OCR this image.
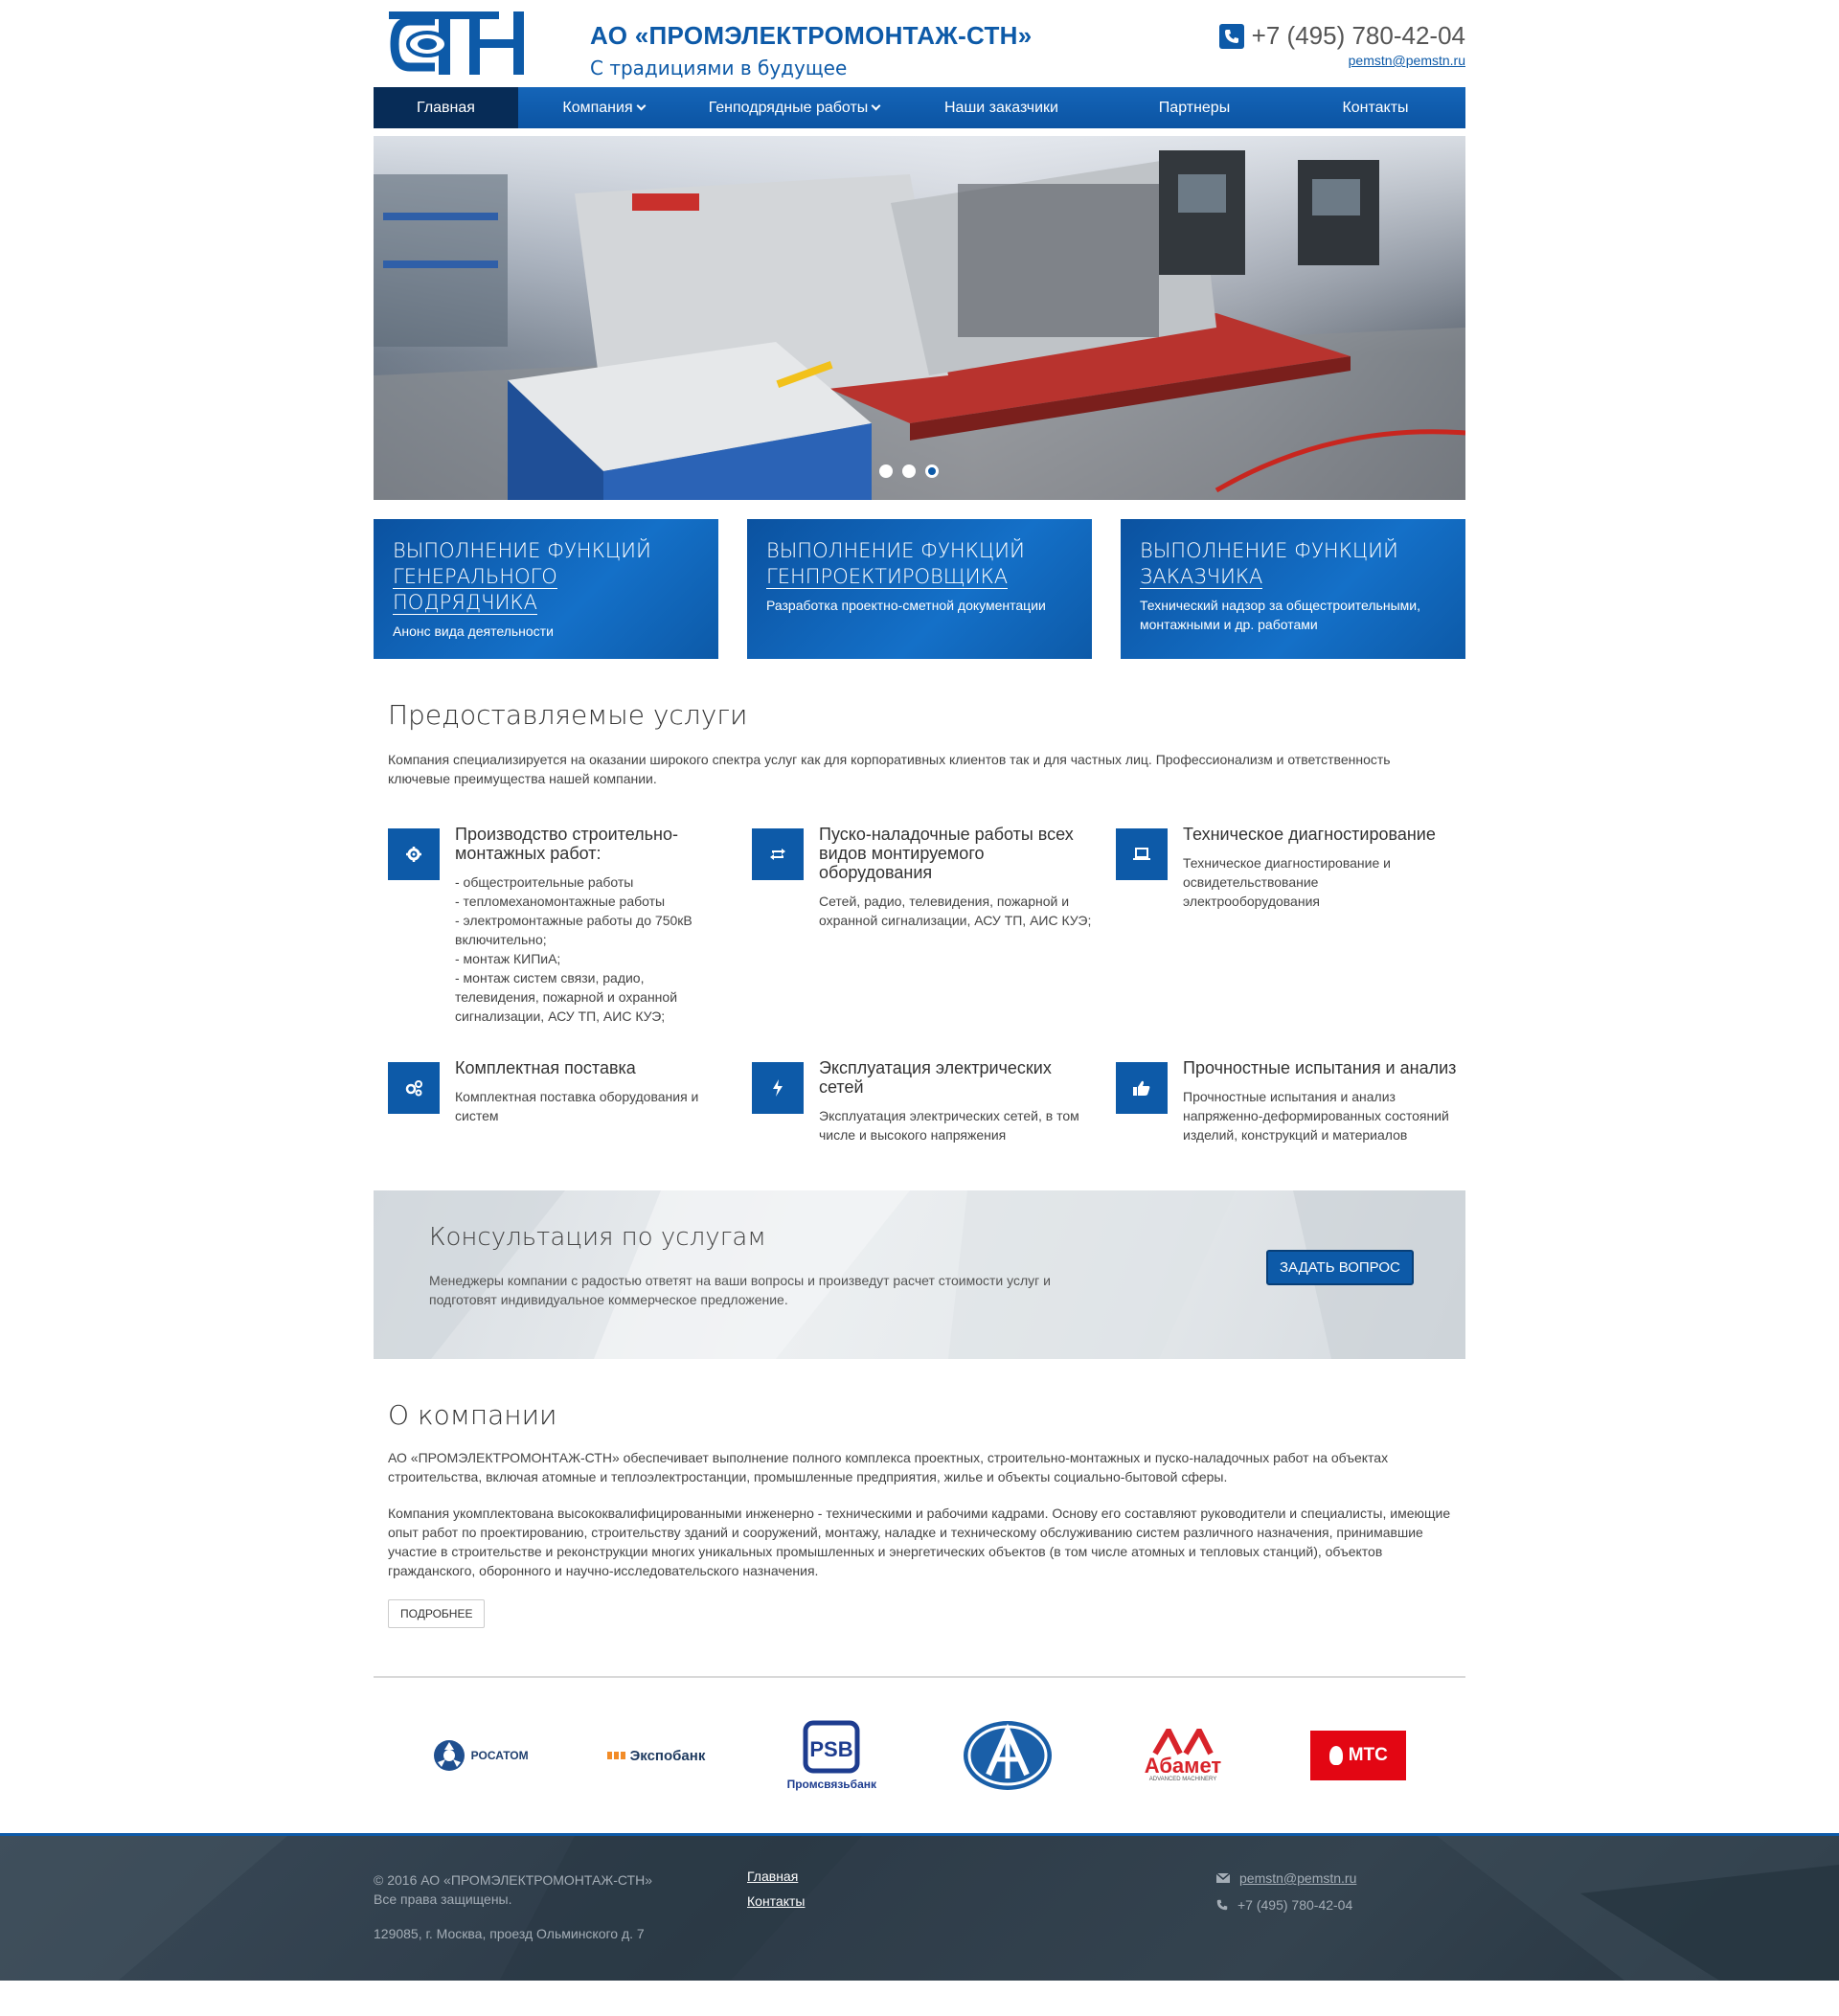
АО «ПРОМЭЛЕКТРОМОНТАЖ-СТН»
С традициями в будущее
+7 (495) 780-42-04
pemstn@pemstn.ru
Главная	Компания	Генподрядные работы	Наши заказчики	Партнеры	Контакты
ВЫПОЛНЕНИЕ ФУНКЦИЙ
ГЕНЕРАЛЬНОГО ПОДРЯДЧИКА
Анонс вида деятельности
ВЫПОЛНЕНИЕ ФУНКЦИЙ
ГЕНПРОЕКТИРОВЩИКА
Разработка проектно-сметной документации
ВЫПОЛНЕНИЕ ФУНКЦИЙ
ЗАКАЗЧИКА
Технический надзор за общестроительными, монтажными и др. работами
Предоставляемые услуги

Компания специализируется на оказании широкого спектра услуг как для корпоративных клиентов так и для частных лиц. Профессионализм и ответственность ключевые преимущества нашей компании.

Производство строительно-монтажных работ:
- общестроительные работы
- тепломеханомонтажные работы
- электромонтажные работы до 750кВ включительно;
- монтаж КИПиА;
- монтаж систем связи, радио, телевидения, пожарной и охранной сигнализации, АСУ ТП, АИС КУЭ;
Пуско-наладочные работы всех видов монтируемого оборудования
Сетей, радио, телевидения, пожарной и охранной сигнализации, АСУ ТП, АИС КУЭ;
Техническое диагностирование
Техническое диагностирование и освидетельствование электрооборудования
Комплектная поставка
Комплектная поставка оборудования и систем
Эксплуатация электрических сетей
Эксплуатация электрических сетей, в том числе и высокого напряжения
Прочностные испытания и анализ
Прочностные испытания и анализ напряженно-деформированных состояний изделий, конструкций и материалов
Консультация по услугам
Менеджеры компании с радостью ответят на ваши вопросы и произведут расчет стоимости услуг и подготовят индивидуальное коммерческое предложение.
ЗАДАТЬ ВОПРОС
О компании

АО «ПРОМЭЛЕКТРОМОНТАЖ-СТН» обеспечивает выполнение полного комплекса проектных, строительно-монтажных и пуско-наладочных работ на объектах строительства, включая атомные и теплоэлектростанции, промышленные предприятия, жилье и объекты социально-бытовой сферы.

Компания укомплектована высококвалифицированными инженерно - техническими и рабочими кадрами. Основу его составляют руководители и специалисты, имеющие опыт работ по проектированию, строительству зданий и сооружений, монтажу, наладке и техническому обслуживанию систем различного назначения, принимавшие участие в строительстве и реконструкции многих уникальных промышленных и энергетических объектов (в том числе атомных и тепловых станций), объектов гражданского, оборонного и научно-исследовательского назначения.

ПОДРОБНЕЕ
РОСАТОМ	Экспобанк	PSB
Промсвязьбанк
Абамет
ADVANCED MACHINERY
МТС
© 2016 АО «ПРОМЭЛЕКТРОМОНТАЖ-СТН»
Все права защищены.
129085, г. Москва, проезд Ольминского д. 7
Главная
Контакты
pemstn@pemstn.ru
+7 (495) 780-42-04
